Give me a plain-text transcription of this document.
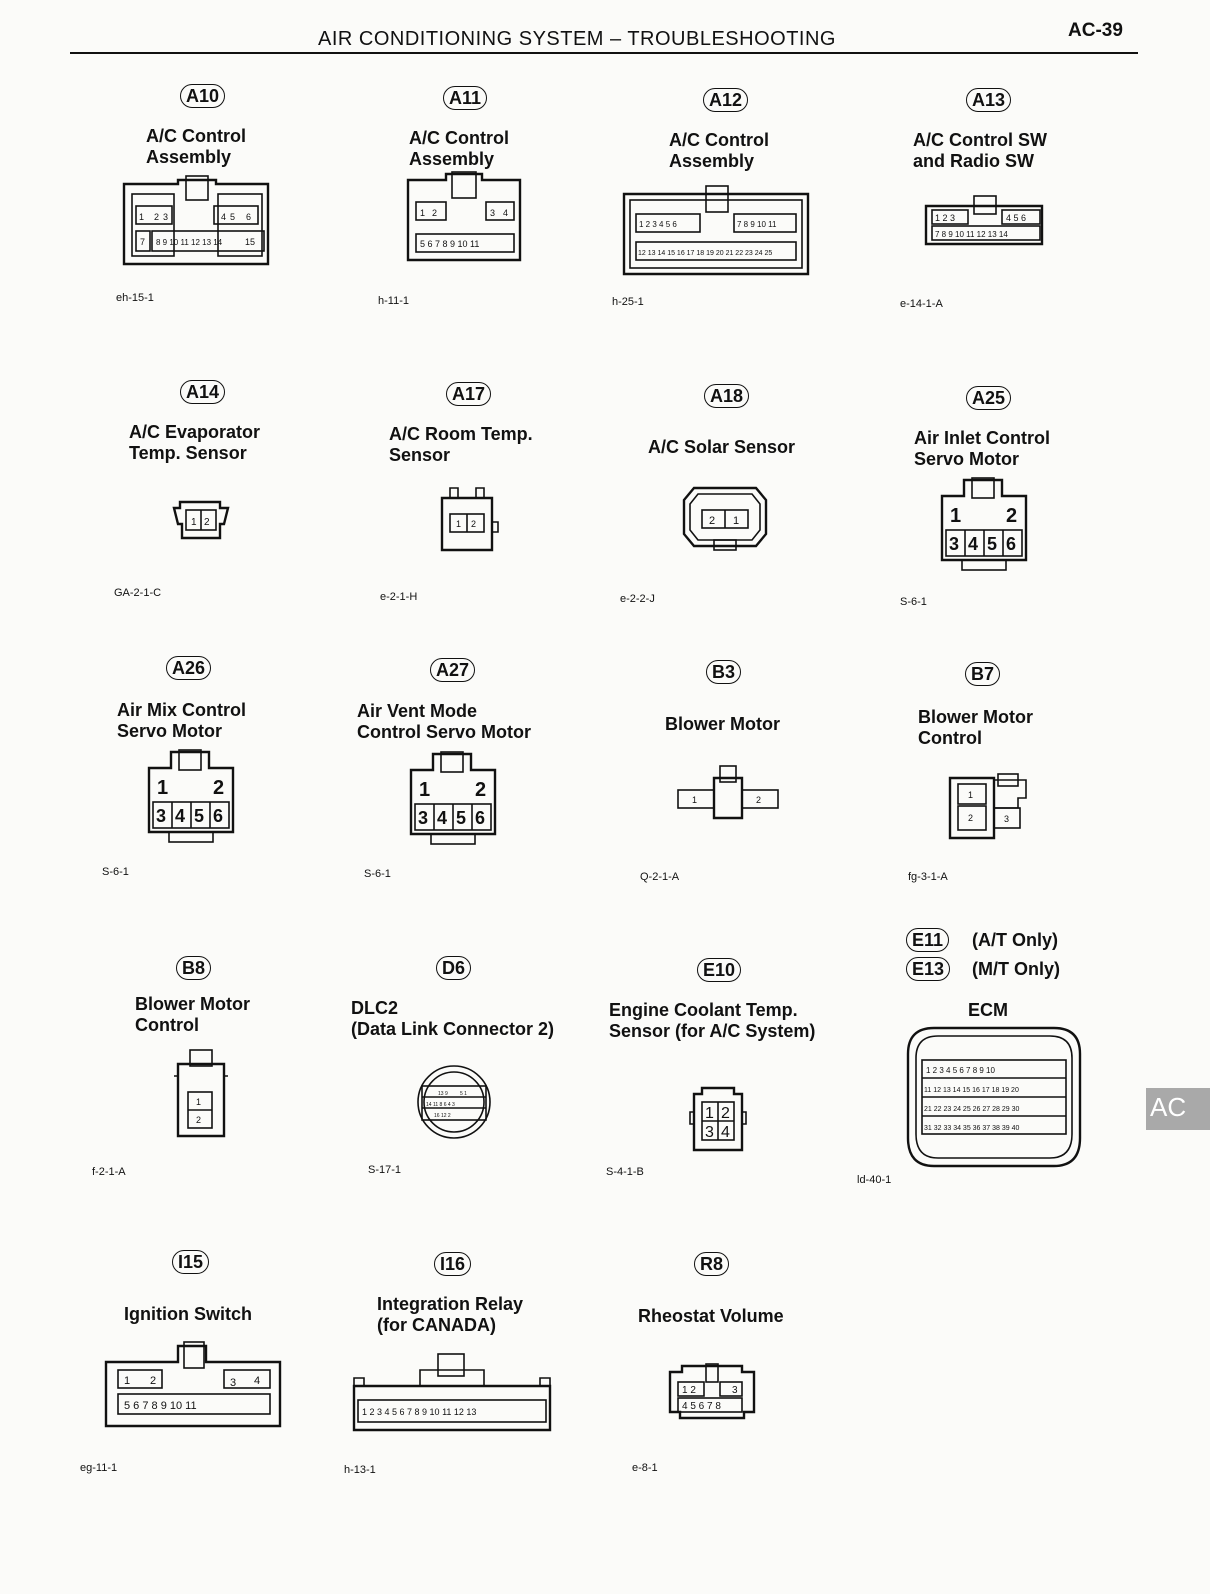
AIR CONDITIONING SYSTEM – TROUBLESHOOTING	AC-39
A10
A/C Control
Assembly
1 2 3	4 5 6
7 8 9 10 11 12 13 14	15
eh-15-1
A11
A/C Control
Assembly
1 2	3 4
5 6 7 8 9 10 11
h-11-1
A12
A/C Control
Assembly
1 2 3 4 5 6	7 8 9 10 11
12 13 14 15 16 17 18 19 20 21 22 23 24 25
h-25-1
A13
A/C Control SW
and Radio SW
1 2 3	4 5 6
7 8 9 10 11 12 13 14
e-14-1-A
A14
A/C Evaporator
Temp. Sensor
1 2
GA-2-1-C
A17
A/C Room Temp.
Sensor
1 2
e-2-1-H
A18
A/C Solar Sensor
2 1
e-2-2-J
A25
Air Inlet Control
Servo Motor
1 2
3 4 5 6
S-6-1
A26
Air Mix Control
Servo Motor
1 2
3 4 5 6
S-6-1
A27
Air Vent Mode
Control Servo Motor
1 2
3 4 5 6
S-6-1
B3
Blower Motor
1	2
Q-2-1-A
B7
Blower Motor
Control
1
2	3
fg-3-1-A
B8
Blower Motor
Control
1
2
f-2-1-A
D6
DLC2
(Data Link Connector 2)
13 9 5 1
14 11 8 6 4 3
16 12 2
S-17-1
E10
Engine Coolant Temp.
Sensor (for A/C System)
1 2
3 4
S-4-1-B
E11	(A/T Only)
E13	(M/T Only)
ECM
1 2 3 4 5 6 7 8 9 10
11 12 13 14 15 16 17 18 19 20
21 22 23 24 25 26 27 28 29 30
31 32 33 34 35 36 37 38 39 40
ld-40-1
I15
Ignition Switch
1 2	3 4
5 6 7 8 9 10 11
eg-11-1
I16
Integration Relay
(for CANADA)
1 2 3 4 5 6 7 8 9 10 11 12 13
h-13-1
R8
Rheostat Volume
1 2	3
4 5 6 7 8
e-8-1
AC
